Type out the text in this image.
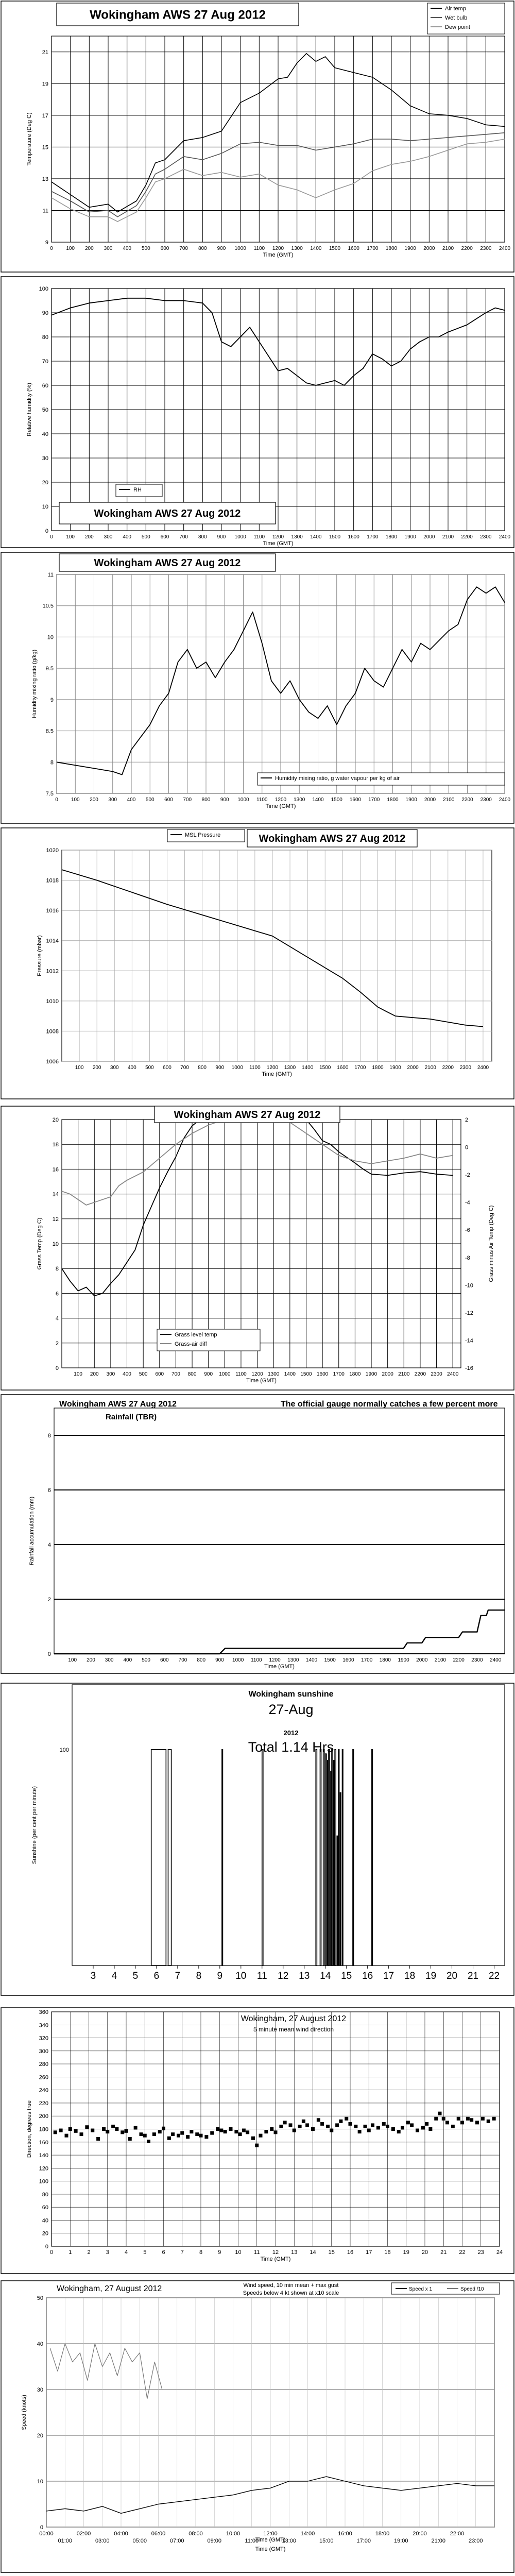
9
11
13
15
17
19
21
0	100 200 300 400 500 600 700 800 900 1000 1100 1200 1300 1400 1500 1600 1700 1800 1900 2000 2100 2200 2300 2400
Time (GMT)
Temperature (Deg C)
Wokingham AWS 27 Aug 2012	Air temp
Wet bulb
Dew point
0
10
20
30
40
50
60
70
80
90
100
0	100 200 300 400 500 600 700 800 900 1000 1100 1200 1300 1400 1500 1600 1700 1800 1900 2000 2100 2200 2300 2400
Time (GMT)
Relative humidity (%)
RH
Wokingham AWS 27 Aug 2012
7.5
8
8.5
9
9.5
10
10.5
11
0	100 200 300 400 500 600 700 800 900 1000 1100 1200 1300 1400 1500 1600 1700 1800 1900 2000 2100 2200 2300 2400
Time (GMT)
Humidity mixing ratio (g/kg)
Wokingham AWS 27 Aug 2012
Humidity mixing ratio, g water vapour per kg of air
1006
1008
1010
1012
1014
1016
1018
1020
100 200 300 400 500 600 700 800 900 1000 1100 1200 1300 1400 1500 1600 1700 1800 1900 2000 2100 2200 2300 2400
Time (GMT)
Pressure (mbar)
MSL Pressure	Wokingham AWS 27 Aug 2012
0
2
4
6
8
10
12
14
16
18
20
100 200 300 400 500 600 700 800 900 1000 1100 1200 1300 1400 1500 1600 1700 1800 1900 2000 2100 2200 2300 2400
Time (GMT)
Grass Temp (Deg C)
-16
-14
-12
-10
-8
-6
-4
-2
0
2
Grass minus Air Temp (Deg C)
Wokingham AWS 27 Aug 2012
Grass level temp
Grass-air diff
0
2
4
6
8
100 200 300 400 500 600 700 800 900 1000 1100 1200 1300 1400 1500 1600 1700 1800 1900 2000 2100 2200 2300 2400
Time (GMT)
Rainfall accumulation (mm)
Wokingham AWS 27 Aug 2012
Rainfall (TBR)
The official gauge normally catches a few percent more
100
3 4 5 6 7 8 9 10 11 12 13 14 15 16 17 18 19 20 21 22
Sunshine (per cent per minute)
Wokingham sunshine
27-Aug
2012
Total 1.14 Hrs
0
20
40
60
80
100
120
140
160
180
200
220
240
260
280
300
320
340
360
0	1	2	3	4	5	6	7	8	9 10 11 12 13 14 15 16 17 18 19 20 21 22 23 24
Time (GMT)
Direction, degrees true
Wokingham, 27 August 2012
5 minute mean wind direction
0
10
20
30
40
50
Time (GMT)
Speed (knots)
00:00	02:00	04:00	06:00	08:00	10:00	12:00	14:00	16:00	18:00	20:00	22:00
01:00	03:00	05:00	07:00	09:00	11:00	13:00	15:00	17:00	19:00	21:00	23:00
Time (GMT)
Wokingham, 27 August 2012	Wind speed, 10 min mean + max gust
Speeds below 4 kt shown at x10 scale
Speed x 1	Speed /10
